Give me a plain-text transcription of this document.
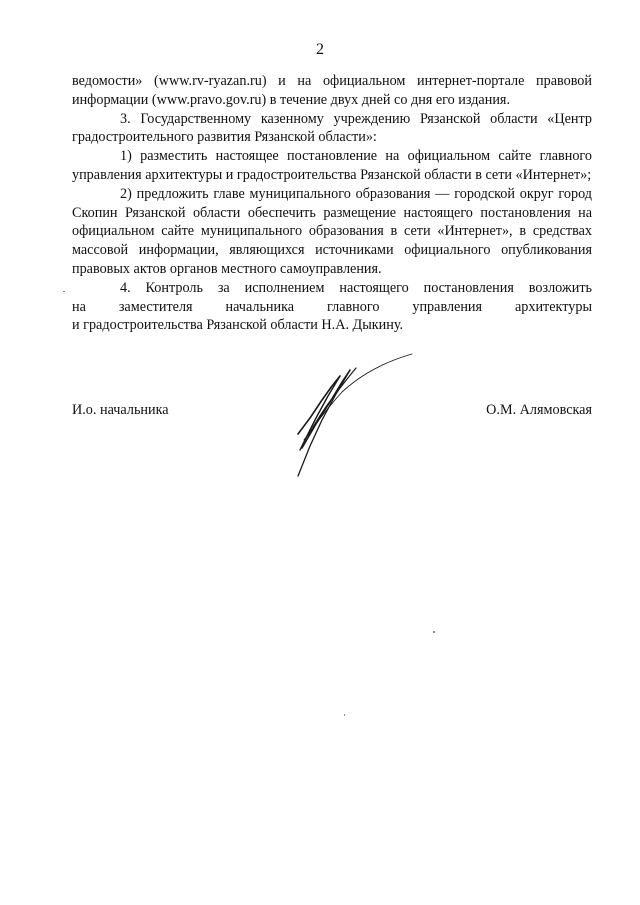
2

ведомости» (www.rv-ryazan.ru) и на официальном интернет-портале правовой информации (www.pravo.gov.ru) в течение двух дней со дня его издания.

3. Государственному казенному учреждению Рязанской области «Центр градостроительного развития Рязанской области»:

1) разместить настоящее постановление на официальном сайте главного управления архитектуры и градостроительства Рязанской области в сети «Интернет»;

2) предложить главе муниципального образования — городской округ город Скопин Рязанской области обеспечить размещение настоящего постановления на официальном сайте муниципального образования в сети «Интернет», в средствах массовой информации, являющихся источниками официального опубликования правовых актов органов местного самоуправления.

4. Контроль за исполнением настоящего постановления возложить

на заместителя начальника главного управления архитектуры

и градостроительства Рязанской области Н.А. Дыкину.

И.о. начальника	О.М. Алямовская
